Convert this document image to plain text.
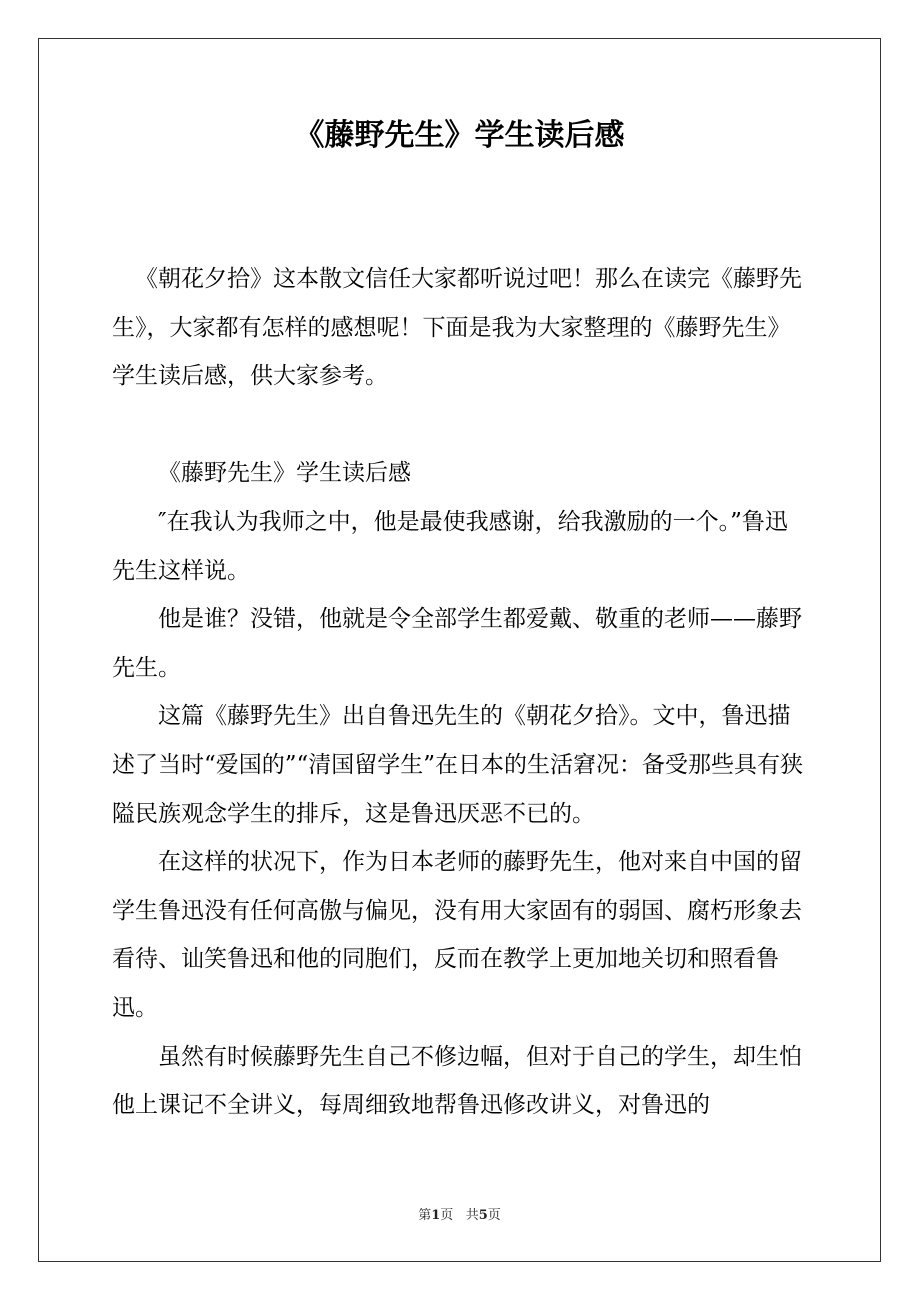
《藤野先生》学生读后感

《朝花夕拾》这本散文信任大家都听说过吧！那么在读完《藤野先生》，大家都有怎样的感想呢！下面是我为大家整理的《藤野先生》学生读后感，供大家参考。

《藤野先生》学生读后感

″在我认为我师之中，他是最使我感谢，给我激励的一个。”鲁迅先生这样说。

他是谁？没错，他就是令全部学生都爱戴、敬重的老师——藤野先生。

这篇《藤野先生》出自鲁迅先生的《朝花夕拾》。文中，鲁迅描述了当时“爱国的”“清国留学生”在日本的生活窘况：备受那些具有狭隘民族观念学生的排斥，这是鲁迅厌恶不已的。

在这样的状况下，作为日本老师的藤野先生，他对来自中国的留学生鲁迅没有任何高傲与偏见，没有用大家固有的弱国、腐朽形象去看待、讪笑鲁迅和他的同胞们，反而在教学上更加地关切和照看鲁迅。

虽然有时候藤野先生自己不修边幅，但对于自己的学生，却生怕他上课记不全讲义，每周细致地帮鲁迅修改讲义，对鲁迅的

第1页 共5页
